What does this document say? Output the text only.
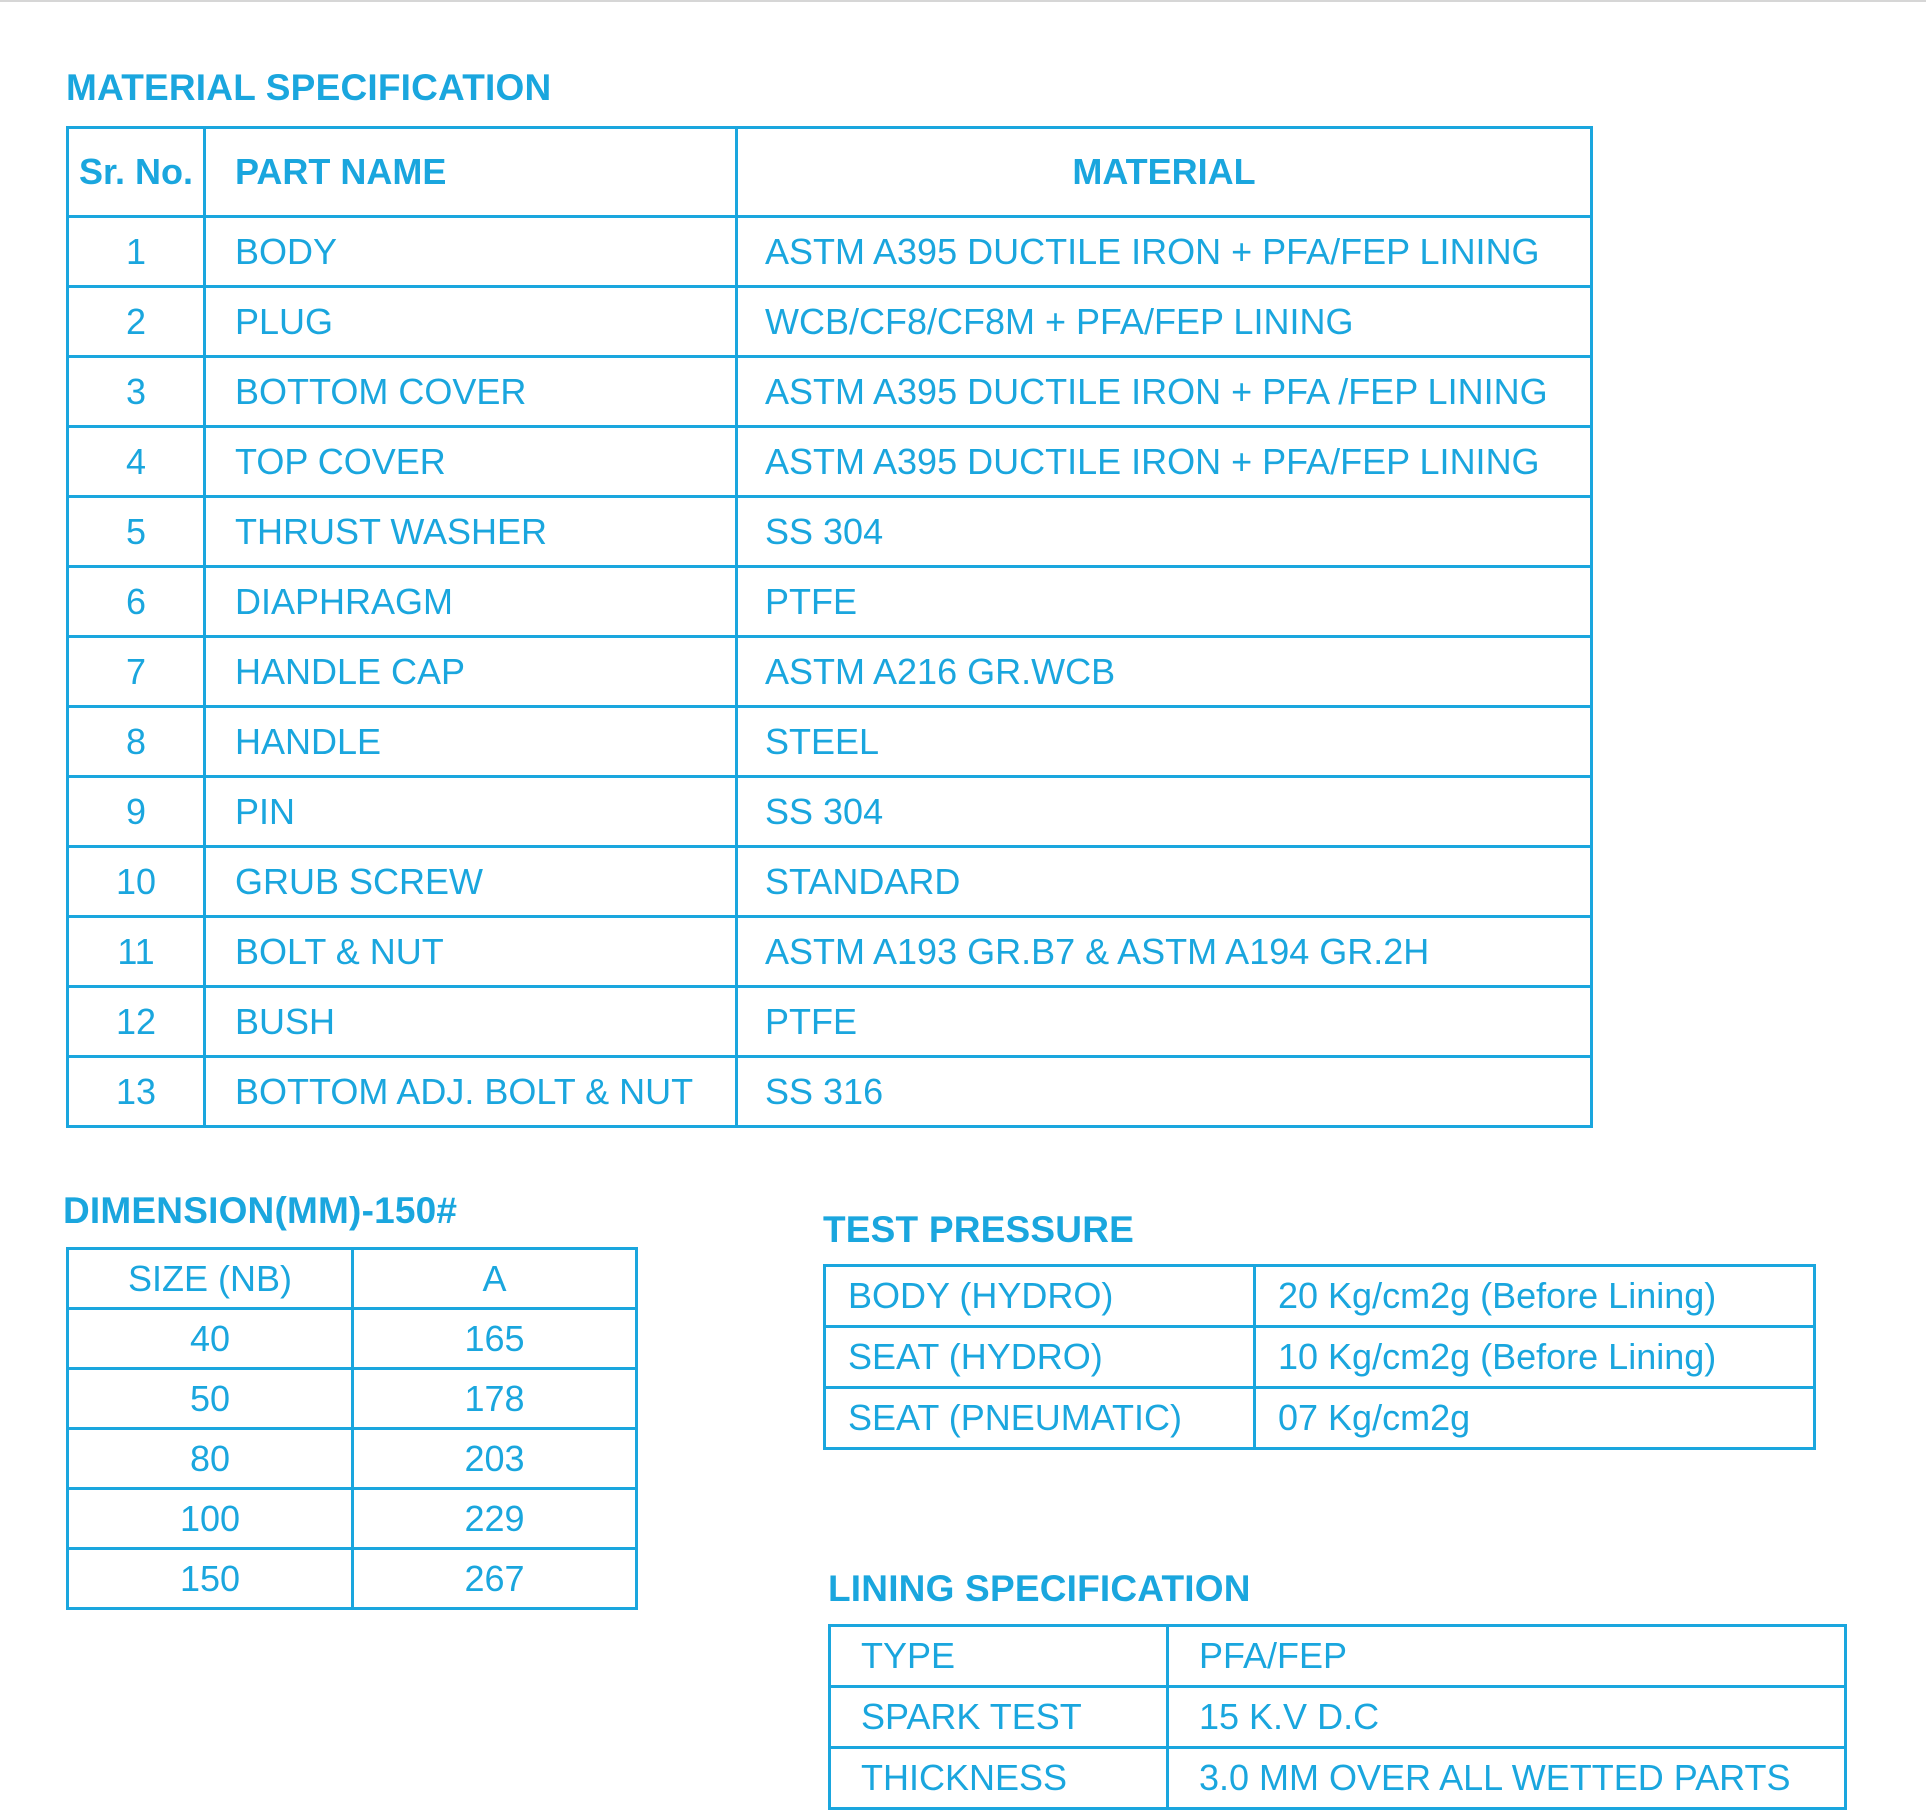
MATERIAL SPECIFICATION
Sr. No.	PART NAME	MATERIAL
1	BODY	ASTM A395 DUCTILE IRON + PFA/FEP LINING
2	PLUG	WCB/CF8/CF8M + PFA/FEP LINING
3	BOTTOM COVER	ASTM A395 DUCTILE IRON + PFA /FEP LINING
4	TOP COVER	ASTM A395 DUCTILE IRON + PFA/FEP LINING
5	THRUST WASHER	SS 304
6	DIAPHRAGM	PTFE
7	HANDLE CAP	ASTM A216 GR.WCB
8	HANDLE	STEEL
9	PIN	SS 304
10	GRUB SCREW	STANDARD
11	BOLT & NUT	ASTM A193 GR.B7 & ASTM A194 GR.2H
12	BUSH	PTFE
13	BOTTOM ADJ. BOLT & NUT	SS 316
DIMENSION(MM)-150#
SIZE (NB)	A
40	165
50	178
80	203
100	229
150	267
TEST PRESSURE
BODY (HYDRO)	20 Kg/cm2g (Before Lining)
SEAT (HYDRO)	10 Kg/cm2g (Before Lining)
SEAT (PNEUMATIC)	07 Kg/cm2g
LINING SPECIFICATION
TYPE	PFA/FEP
SPARK TEST	15 K.V D.C
THICKNESS	3.0 MM OVER ALL WETTED PARTS
